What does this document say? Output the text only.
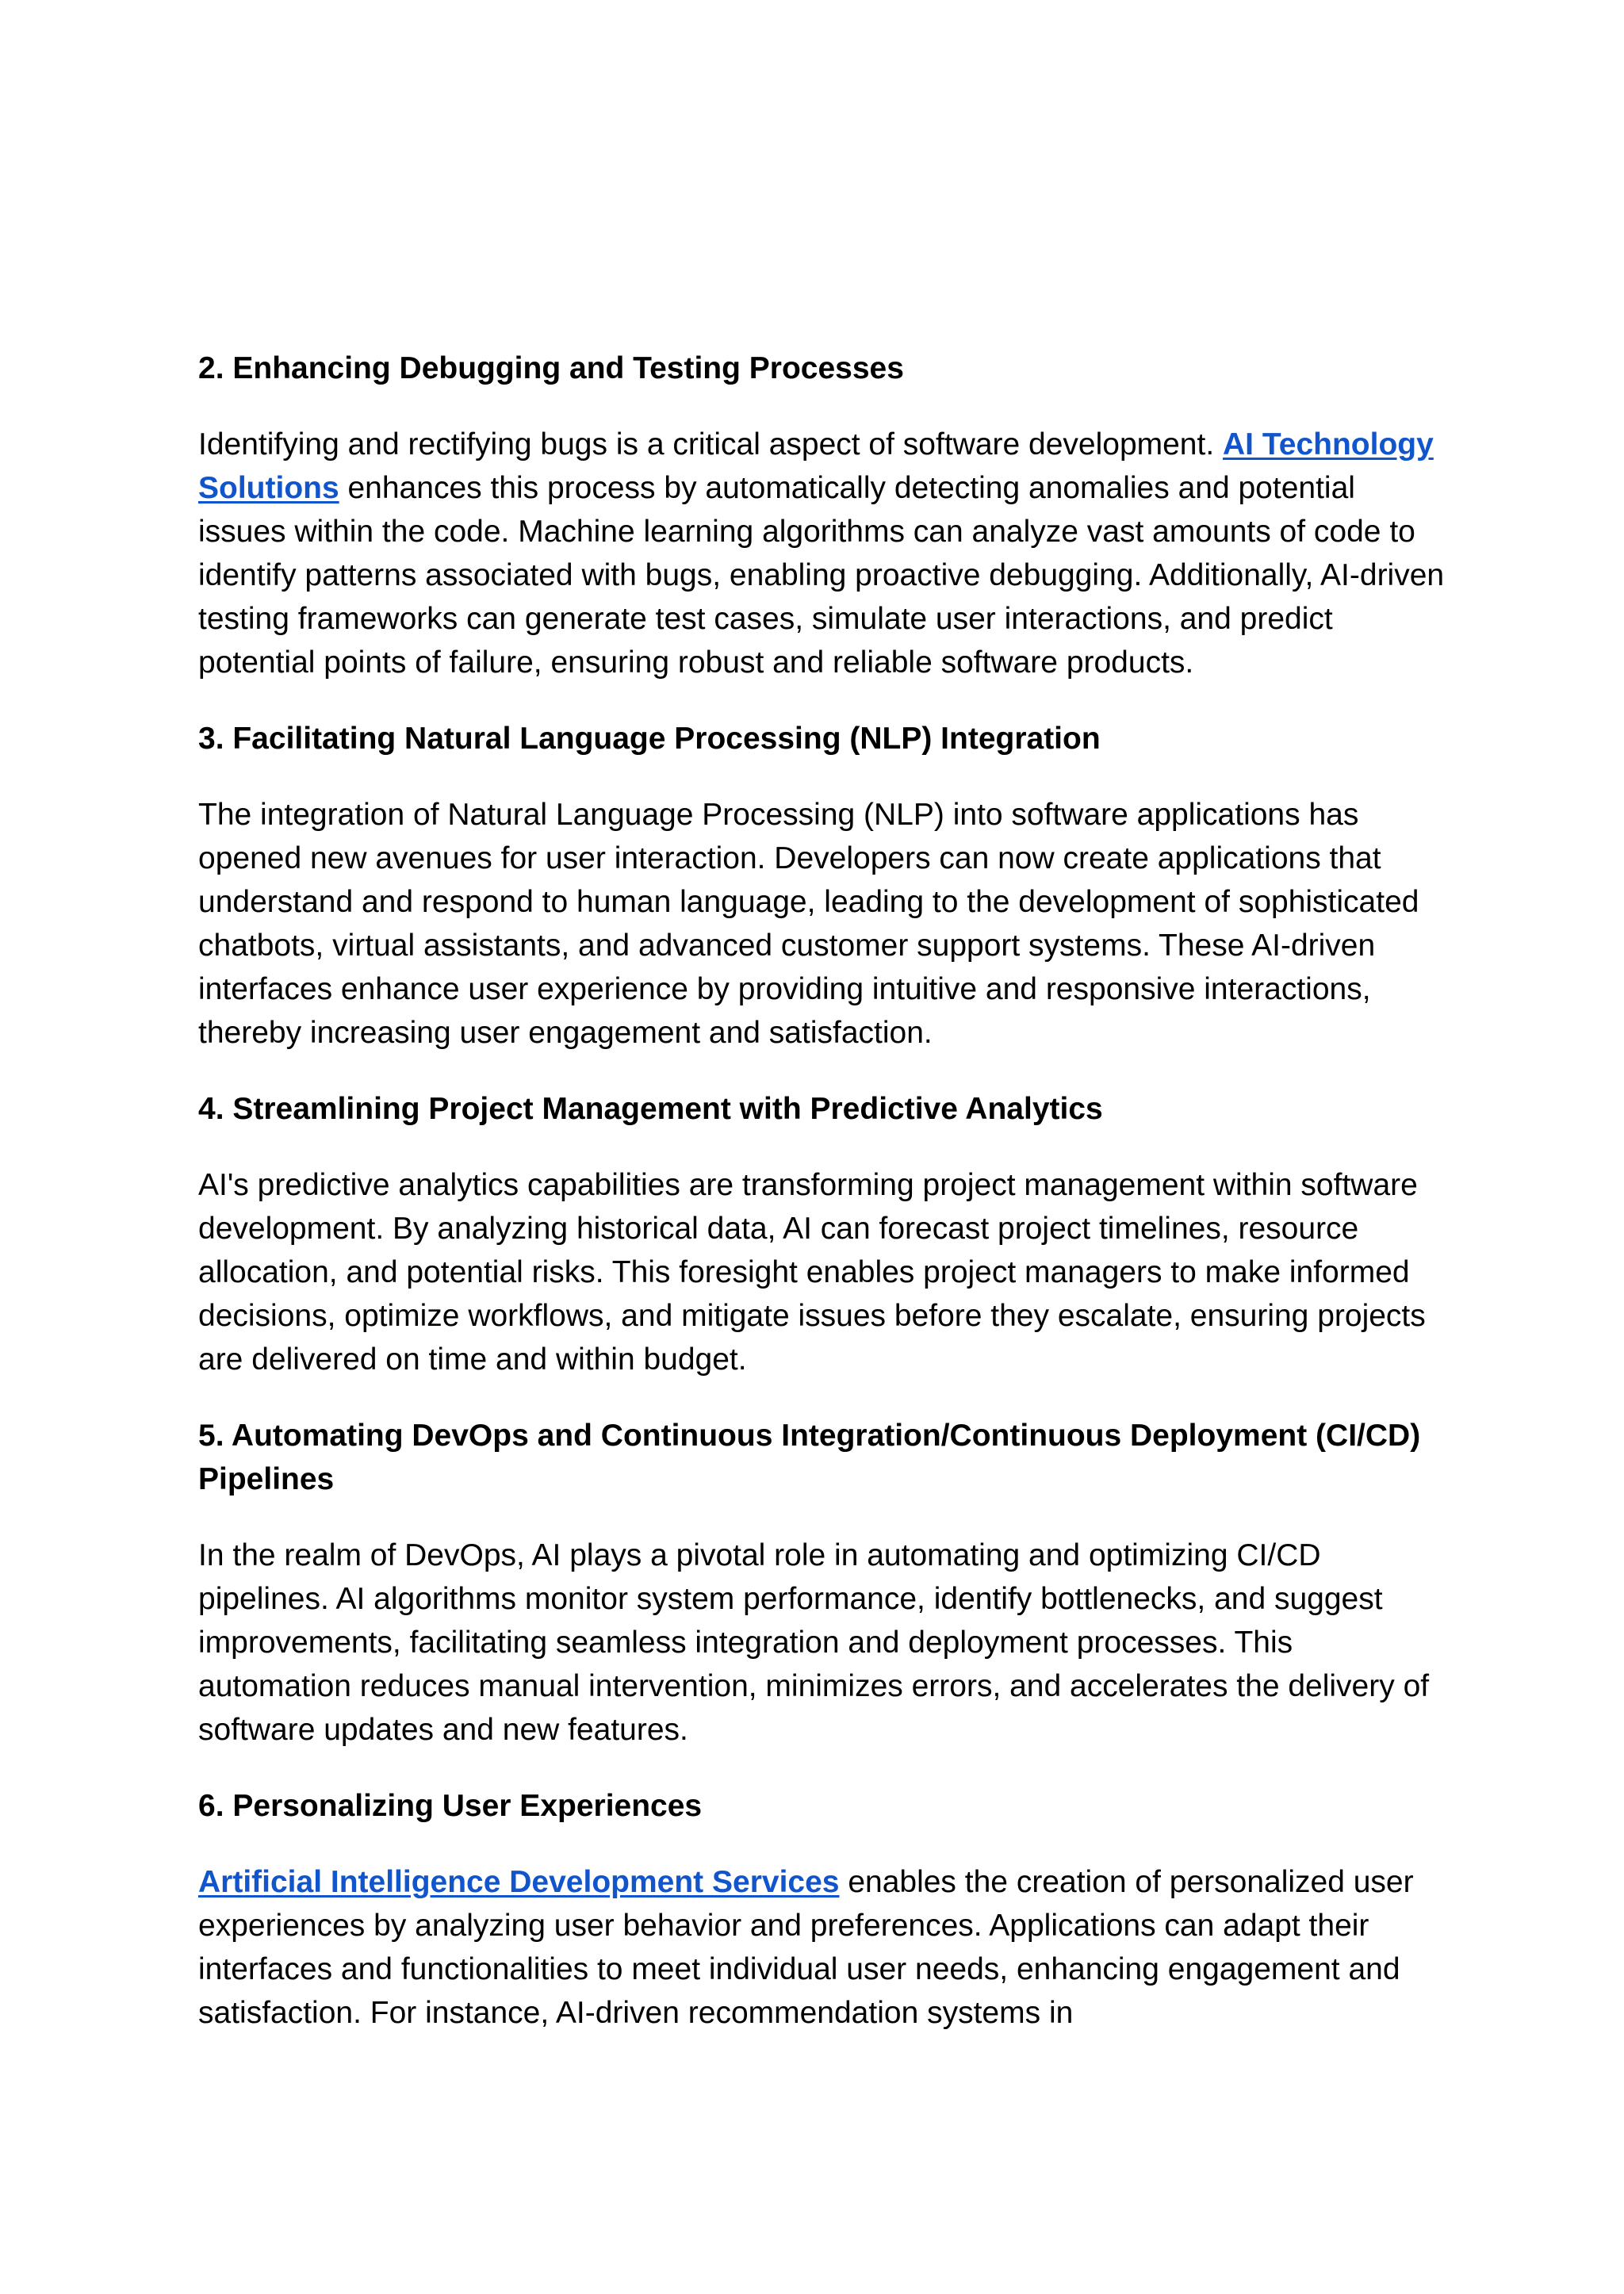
2. Enhancing Debugging and Testing Processes
Identifying and rectifying bugs is a critical aspect of software development. AI Technology Solutions enhances this process by automatically detecting anomalies and potential issues within the code. Machine learning algorithms can analyze vast amounts of code to identify patterns associated with bugs, enabling proactive debugging. Additionally, AI-driven testing frameworks can generate test cases, simulate user interactions, and predict potential points of failure, ensuring robust and reliable software products.
3. Facilitating Natural Language Processing (NLP) Integration
The integration of Natural Language Processing (NLP) into software applications has opened new avenues for user interaction. Developers can now create applications that understand and respond to human language, leading to the development of sophisticated chatbots, virtual assistants, and advanced customer support systems. These AI-driven interfaces enhance user experience by providing intuitive and responsive interactions, thereby increasing user engagement and satisfaction.
4. Streamlining Project Management with Predictive Analytics
AI's predictive analytics capabilities are transforming project management within software development. By analyzing historical data, AI can forecast project timelines, resource allocation, and potential risks. This foresight enables project managers to make informed decisions, optimize workflows, and mitigate issues before they escalate, ensuring projects are delivered on time and within budget.
5. Automating DevOps and Continuous Integration/Continuous Deployment (CI/CD) Pipelines
In the realm of DevOps, AI plays a pivotal role in automating and optimizing CI/CD pipelines. AI algorithms monitor system performance, identify bottlenecks, and suggest improvements, facilitating seamless integration and deployment processes. This automation reduces manual intervention, minimizes errors, and accelerates the delivery of software updates and new features.
6. Personalizing User Experiences
Artificial Intelligence Development Services enables the creation of personalized user experiences by analyzing user behavior and preferences. Applications can adapt their interfaces and functionalities to meet individual user needs, enhancing engagement and satisfaction. For instance, AI-driven recommendation systems in
